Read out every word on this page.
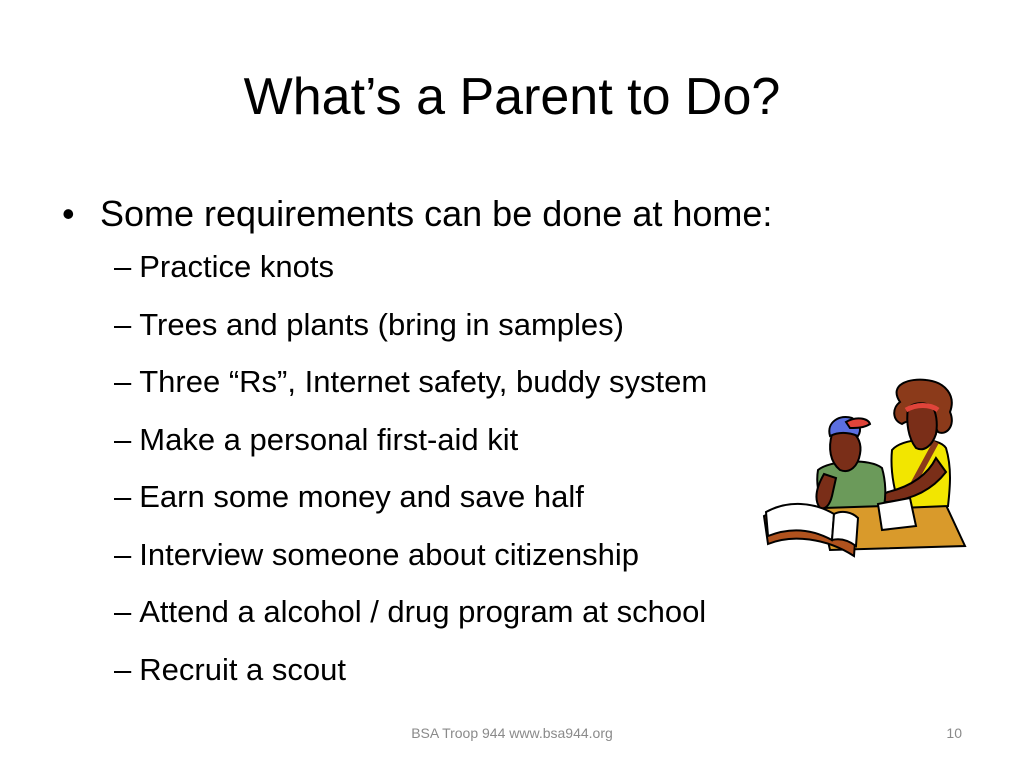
What’s a Parent to Do?
• Some requirements can be done at home:
– Practice knots
– Trees and plants (bring in samples)
– Three “Rs”, Internet safety, buddy system
– Make a personal first-aid kit
– Earn some money and save half
– Interview someone about citizenship
– Attend a alcohol / drug program at school
– Recruit a scout
BSA Troop 944 www.bsa944.org	10
